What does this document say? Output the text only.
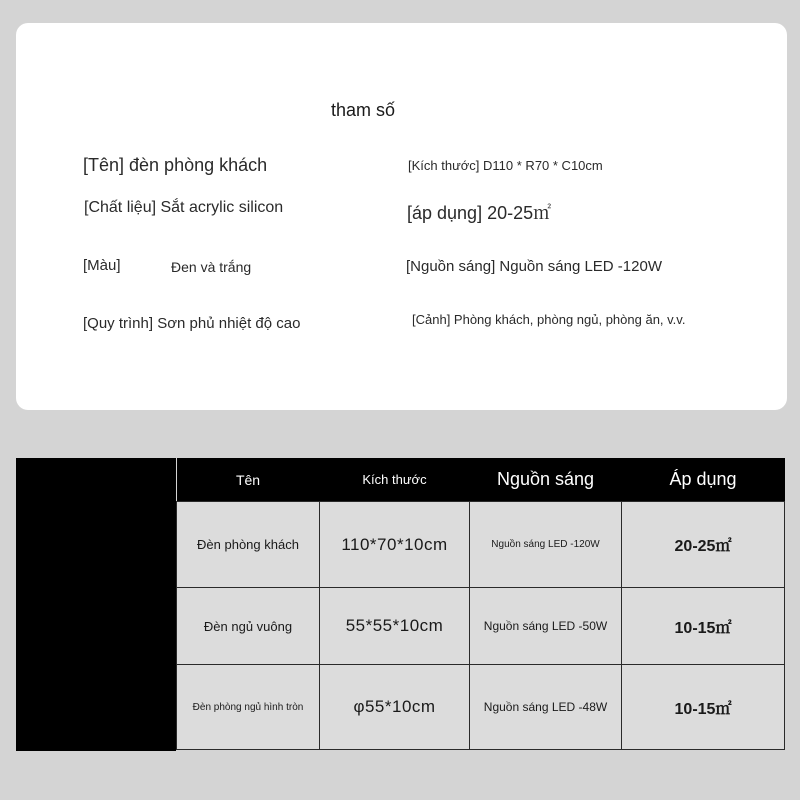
tham số
[Tên] đèn phòng khách	[Kích thước] D110 * R70 * C10cm
[Chất liệu] Sắt acrylic silicon	[áp dụng] 20-25㎡
[Màu]	Đen và trắng	[Nguồn sáng] Nguồn sáng LED -120W
[Quy trình] Sơn phủ nhiệt độ cao	[Cảnh] Phòng khách, phòng ngủ, phòng ăn, v.v.
Tên	Kích thước	Nguồn sáng	Áp dụng
Đèn phòng khách	110*70*10cm	Nguồn sáng LED -120W	20-25㎡
Đèn ngủ vuông	55*55*10cm	Nguồn sáng LED -50W	10-15㎡
Đèn phòng ngủ hình tròn	φ55*10cm	Nguồn sáng LED -48W	10-15㎡
